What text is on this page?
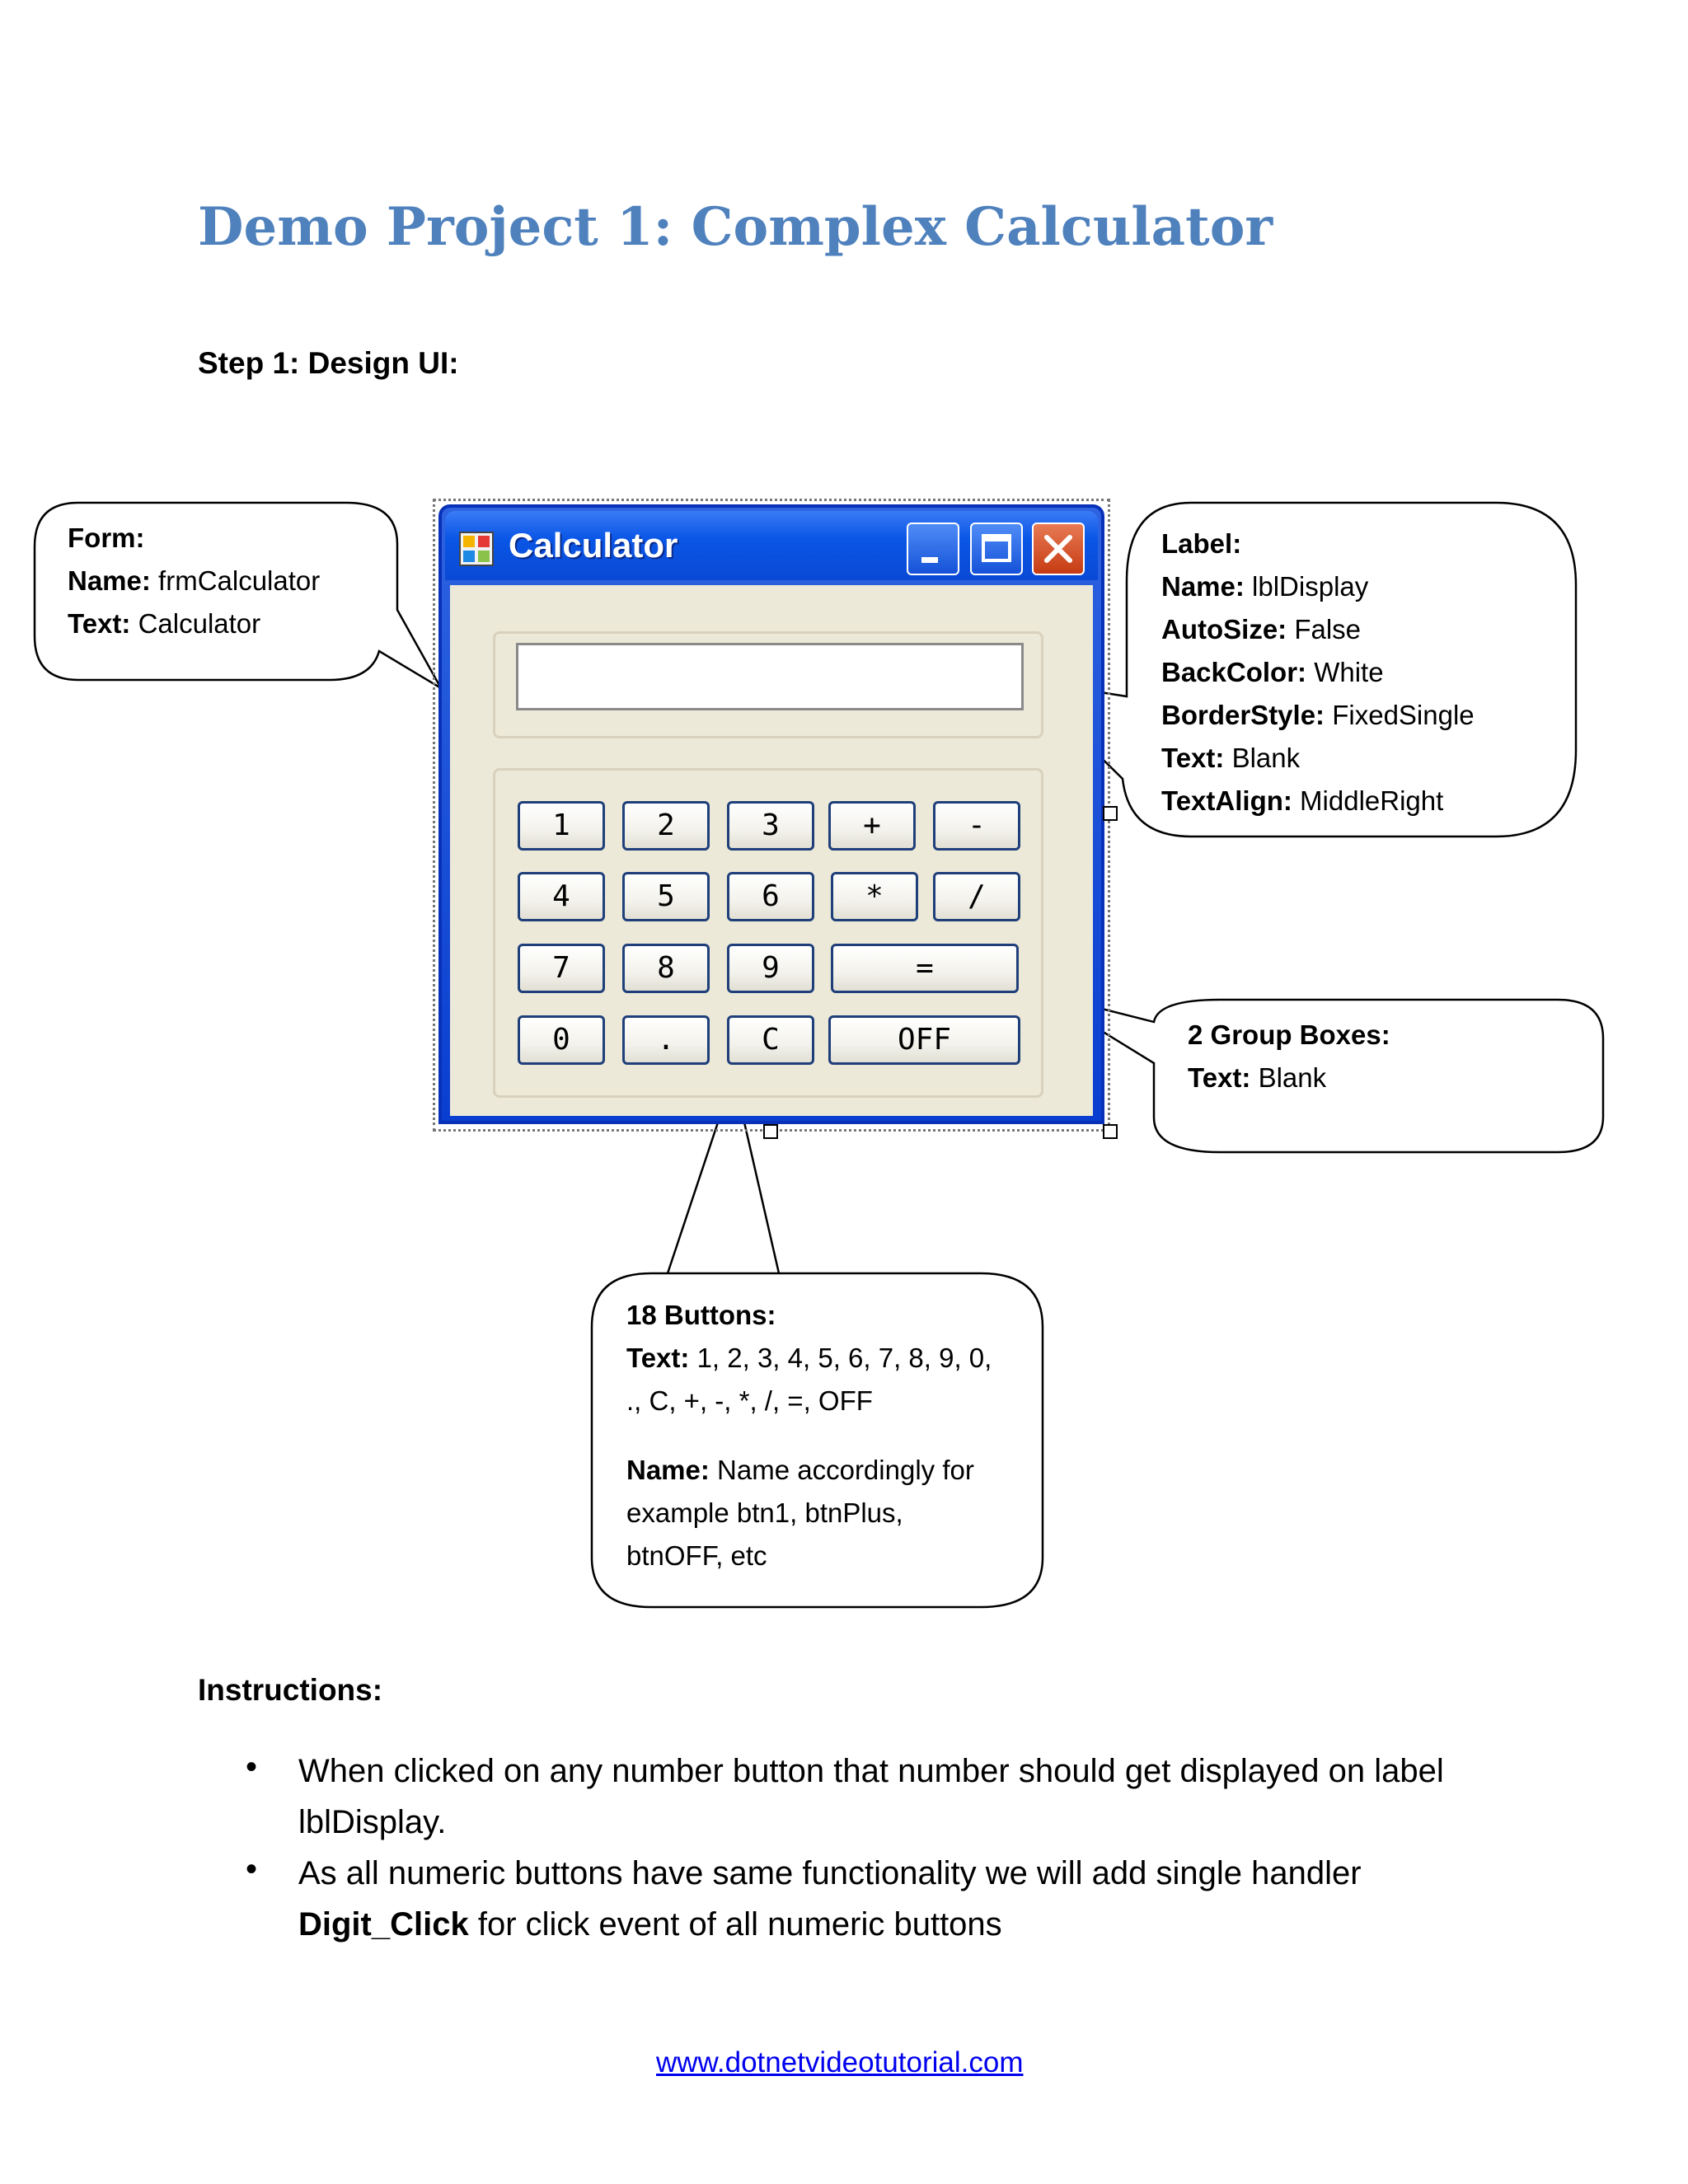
Demo Project 1: Complex Calculator
Step 1: Design UI:
Calculator
1	2	3	+	-
4	5	6	*	/
7	8	9	=
0	.	C	OFF
Form:
Name: frmCalculator
Text: Calculator
Label:
Name: lblDisplay
AutoSize: False
BackColor: White
BorderStyle: FixedSingle
Text: Blank
TextAlign: MiddleRight
2 Group Boxes:
Text: Blank
18 Buttons:
Text: 1, 2, 3, 4, 5, 6, 7, 8, 9, 0,
., C, +, -, *, /, =, OFF
Name: Name accordingly for
example btn1, btnPlus,
btnOFF, etc
Instructions:
• When clicked on any number button that number should get displayed on label
lblDisplay.
• As all numeric buttons have same functionality we will add single handler
Digit_Click for click event of all numeric buttons
www.dotnetvideotutorial.com
